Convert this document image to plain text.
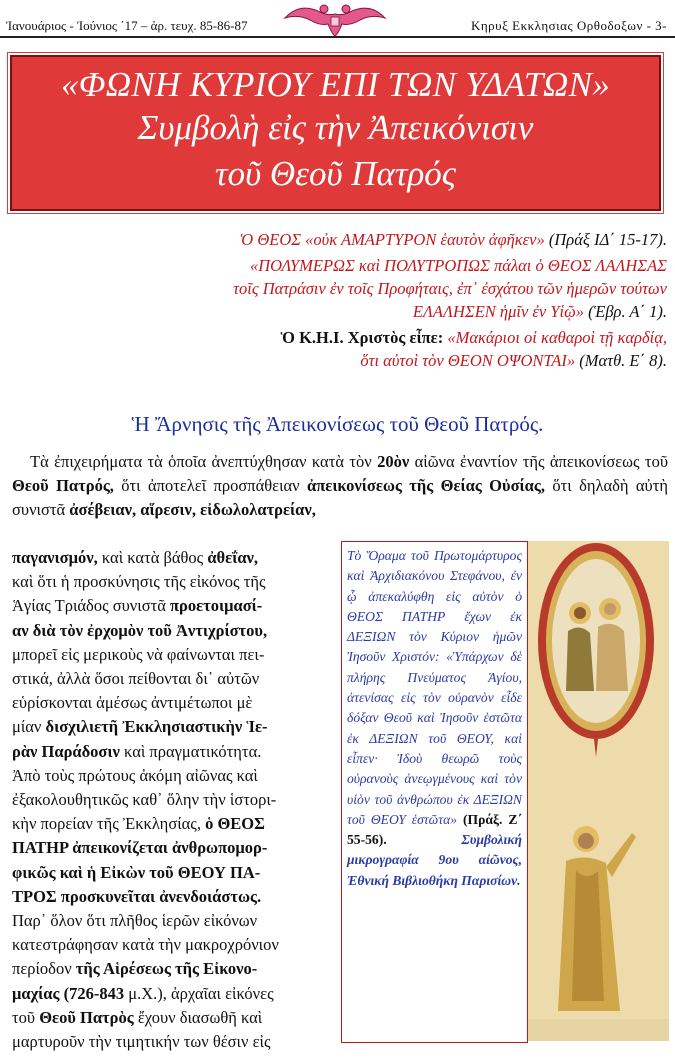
Ἰανουάριος - Ἰούνιος ΄17 – ἀρ. τευχ. 85-86-87	Κηρυξ Εκκλησιας Ορθοδοξων - 3-
«ΦΩΝΗ ΚΥΡΙΟΥ ΕΠΙ ΤΩΝ ΥΔΑΤΩΝ»
Συμβολὴ εἰς τὴν Ἀπεικόνισιν
τοῦ Θεοῦ Πατρός
Ὁ ΘΕΟΣ «οὐκ ΑΜΑΡΤΥΡΟΝ ἑαυτὸν ἀφῆκεν» (Πράξ ΙΔ΄ 15-17).
«ΠΟΛΥΜΕΡΩΣ καὶ ΠΟΛΥΤΡΟΠΩΣ πάλαι ὁ ΘΕΟΣ ΛΑΛΗΣΑΣ
τοῖς Πατράσιν ἐν τοῖς Προφήταις, ἐπ᾿ ἐσχάτου τῶν ἡμερῶν τούτων
ΕΛΑΛΗΣΕΝ ἡμῖν ἐν Υἱῷ» (Ἑβρ. Α΄ 1).
Ὁ Κ.Η.Ι. Χριστὸς εἶπε: «Μακάριοι οἱ καθαροὶ τῇ καρδίᾳ,
ὅτι αὐτοὶ τὸν ΘΕΟΝ ΟΨΟΝΤΑΙ» (Ματθ. Ε΄ 8).
Ἡ Ἄρνησις τῆς Ἀπεικονίσεως τοῦ Θεοῦ Πατρός.

Τὰ ἐπιχειρήματα τὰ ὁποῖα ἀνεπτύχθησαν κατὰ τὸν 20ὸν αἰῶνα ἐναντίον τῆς ἀπεικονίσεως τοῦ Θεοῦ Πατρός, ὅτι ἀποτελεῖ προσπάθειαν ἀπεικονίσεως τῆς Θείας Οὐσίας, ὅτι δηλαδὴ αὐτὴ συνιστᾶ ἀσέβειαν, αἵρεσιν, εἰδωλολατρείαν,

παγανισμόν, καὶ κατὰ βάθος ἀθεΐαν,
καὶ ὅτι ἡ προσκύνησις τῆς εἰκόνος τῆς
Ἁγίας Τριάδος συνιστᾶ προετοιμασί-
αν διὰ τὸν ἐρχομὸν τοῦ Ἀντιχρίστου,
μπορεῖ εἰς μερικοὺς νὰ φαίνωνται πει-
στικά, ἀλλὰ ὅσοι πείθονται δι᾿ αὐτῶν
εὑρίσκονται ἀμέσως ἀντιμέτωποι μὲ
μίαν δισχιλιετῆ Ἐκκλησιαστικὴν Ἱε-
ρὰν Παράδοσιν καὶ πραγματικότητα.
Ἀπὸ τοὺς πρώτους ἀκόμη αἰῶνας καὶ
ἐξακολουθητικῶς καθ᾿ ὅλην τὴν ἱστορι-
κὴν πορείαν τῆς Ἐκκλησίας, ὁ ΘΕΟΣ
ΠΑΤΗΡ ἀπεικονίζεται ἀνθρωπομορ-
φικῶς καὶ ἡ Εἰκὼν τοῦ ΘΕΟΥ ΠΑ-
ΤΡΟΣ προσκυνεῖται ἀνενδοιάστως.
Παρ᾿ ὅλον ὅτι πλῆθος ἱερῶν εἰκόνων
κατεστράφησαν κατὰ τὴν μακροχρόνιον
περίοδον τῆς Αἱρέσεως τῆς Εἰκονο-
μαχίας (726-843 μ.Χ.), ἀρχαῖαι εἰκόνες
τοῦ Θεοῦ Πατρὸς ἔχουν διασωθῆ καὶ
μαρτυροῦν τὴν τιμητικήν των θέσιν εἰς
Τὸ Ὅραμα τοῦ Πρωτομάρτυρος καὶ Ἀρχιδιακόνου Στεφάνου, ἐν ᾧ ἀπεκαλύφθη εἰς αὐτὸν ὁ ΘΕΟΣ ΠΑΤΗΡ ἔχων ἐκ ΔΕΞΙΩΝ τὸν Κύριον ἡμῶν Ἰησοῦν Χριστόν: «Ὑπάρχων δὲ πλήρης Πνεύματος Ἁγίου, ἀτενίσας εἰς τὸν οὐρανὸν εἶδε δόξαν Θεοῦ καὶ Ἰησοῦν ἑστῶτα ἐκ ΔΕΞΙΩΝ τοῦ ΘΕΟΥ, καὶ εἶπεν· Ἰδοὺ θεωρῶ τοὺς οὐρανοὺς ἀνεῳγμένους καὶ τὸν υἱὸν τοῦ ἀνθρώπου ἐκ ΔΕΞΙΩΝ τοῦ ΘΕΟΥ ἑστῶτα» (Πράξ. Ζ΄ 55-56). Συμβολική μικρογραφία 9ου αἰῶνος, Ἐθνική Βιβλιοθήκη Παρισίων.
